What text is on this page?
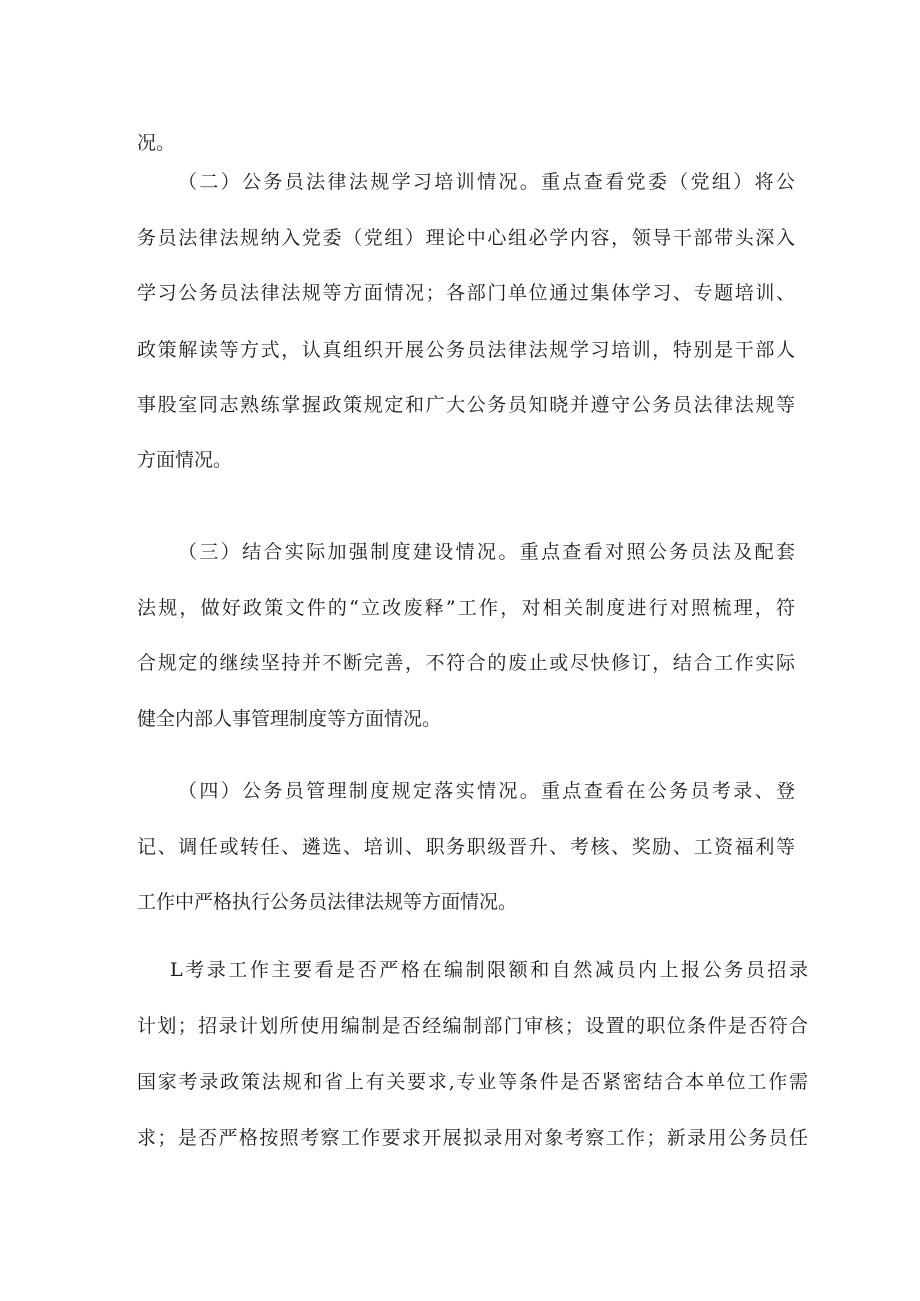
况。
（二）公务员法律法规学习培训情况。重点查看党委（党组）将公
务员法律法规纳入党委（党组）理论中心组必学内容，领导干部带头深入
学习公务员法律法规等方面情况；各部门单位通过集体学习、专题培训、
政策解读等方式，认真组织开展公务员法律法规学习培训，特别是干部人
事股室同志熟练掌握政策规定和广大公务员知晓并遵守公务员法律法规等
方面情况。
（三）结合实际加强制度建设情况。重点查看对照公务员法及配套
法规，做好政策文件的“立改废释”工作，对相关制度进行对照梳理，符
合规定的继续坚持并不断完善，不符合的废止或尽快修订，结合工作实际
健全内部人事管理制度等方面情况。
（四）公务员管理制度规定落实情况。重点查看在公务员考录、登
记、调任或转任、遴选、培训、职务职级晋升、考核、奖励、工资福利等
工作中严格执行公务员法律法规等方面情况。
L考录工作主要看是否严格在编制限额和自然减员内上报公务员招录
计划；招录计划所使用编制是否经编制部门审核；设置的职位条件是否符合
国家考录政策法规和省上有关要求,专业等条件是否紧密结合本单位工作需
求；是否严格按照考察工作要求开展拟录用对象考察工作；新录用公务员任
